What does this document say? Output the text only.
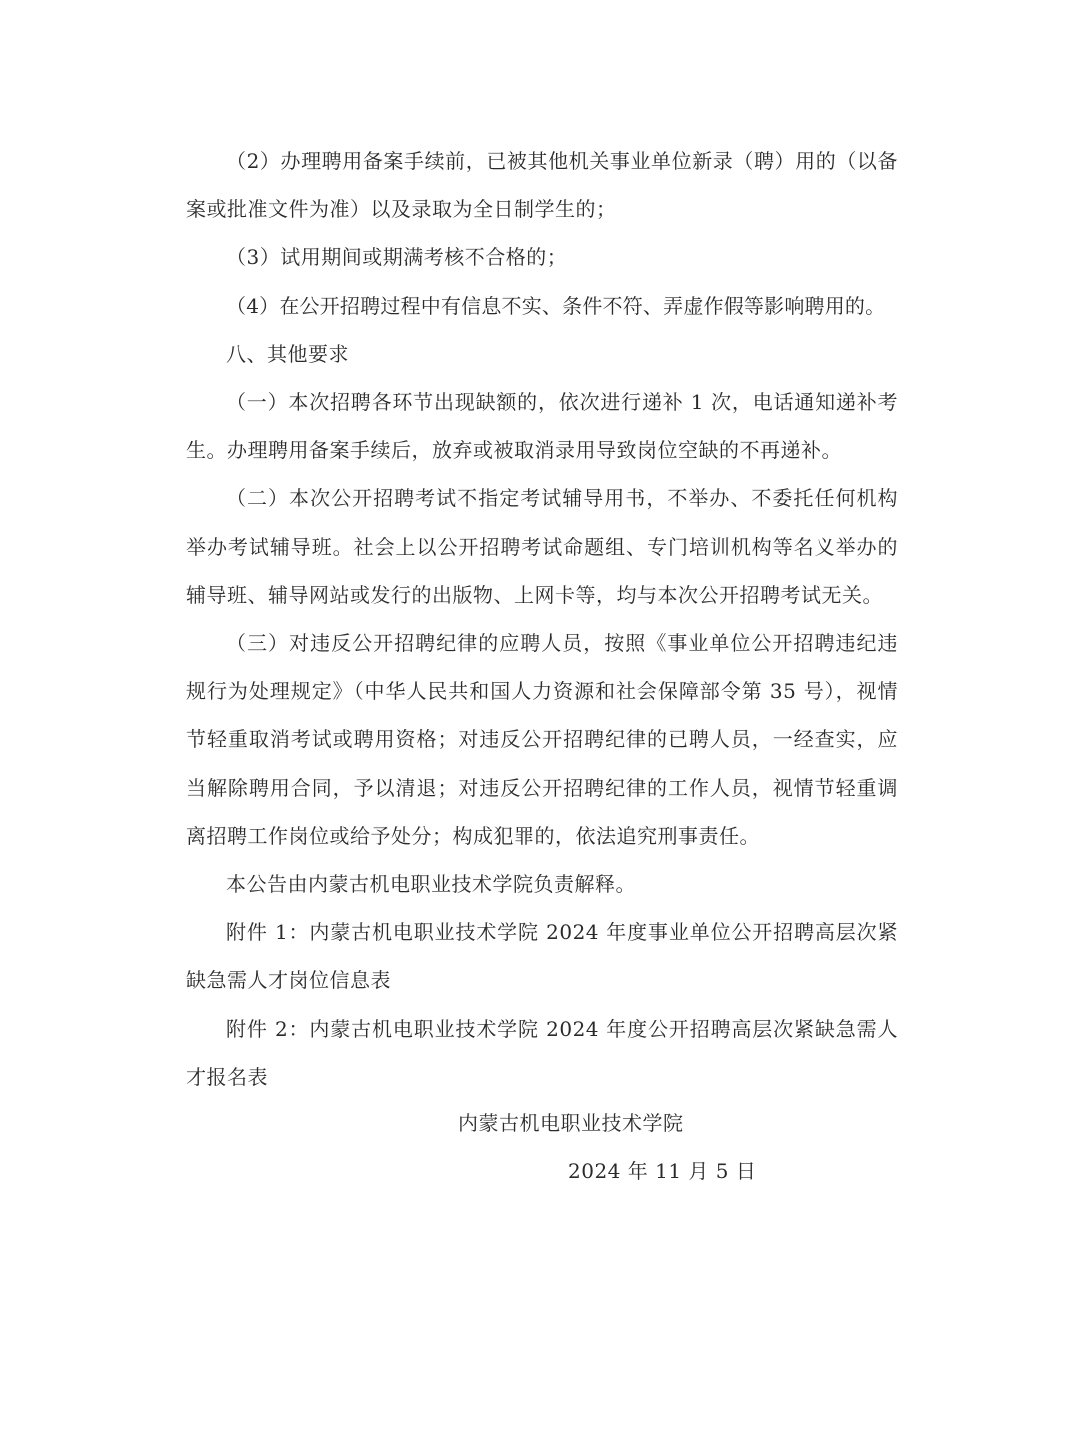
（2）办理聘用备案手续前，已被其他机关事业单位新录（聘）用的（以备案或批准文件为准）以及录取为全日制学生的；

（3）试用期间或期满考核不合格的；

（4）在公开招聘过程中有信息不实、条件不符、弄虚作假等影响聘用的。

八、其他要求

（一）本次招聘各环节出现缺额的，依次进行递补 1 次，电话通知递补考生。办理聘用备案手续后，放弃或被取消录用导致岗位空缺的不再递补。

（二）本次公开招聘考试不指定考试辅导用书，不举办、不委托任何机构举办考试辅导班。社会上以公开招聘考试命题组、专门培训机构等名义举办的辅导班、辅导网站或发行的出版物、上网卡等，均与本次公开招聘考试无关。

（三）对违反公开招聘纪律的应聘人员，按照《事业单位公开招聘违纪违规行为处理规定》（中华人民共和国人力资源和社会保障部令第 35 号），视情节轻重取消考试或聘用资格；对违反公开招聘纪律的已聘人员，一经查实，应当解除聘用合同，予以清退；对违反公开招聘纪律的工作人员，视情节轻重调离招聘工作岗位或给予处分；构成犯罪的，依法追究刑事责任。

本公告由内蒙古机电职业技术学院负责解释。

附件 1：内蒙古机电职业技术学院 2024 年度事业单位公开招聘高层次紧缺急需人才岗位信息表

附件 2：内蒙古机电职业技术学院 2024 年度公开招聘高层次紧缺急需人才报名表

内蒙古机电职业技术学院
2024 年 11 月 5 日
